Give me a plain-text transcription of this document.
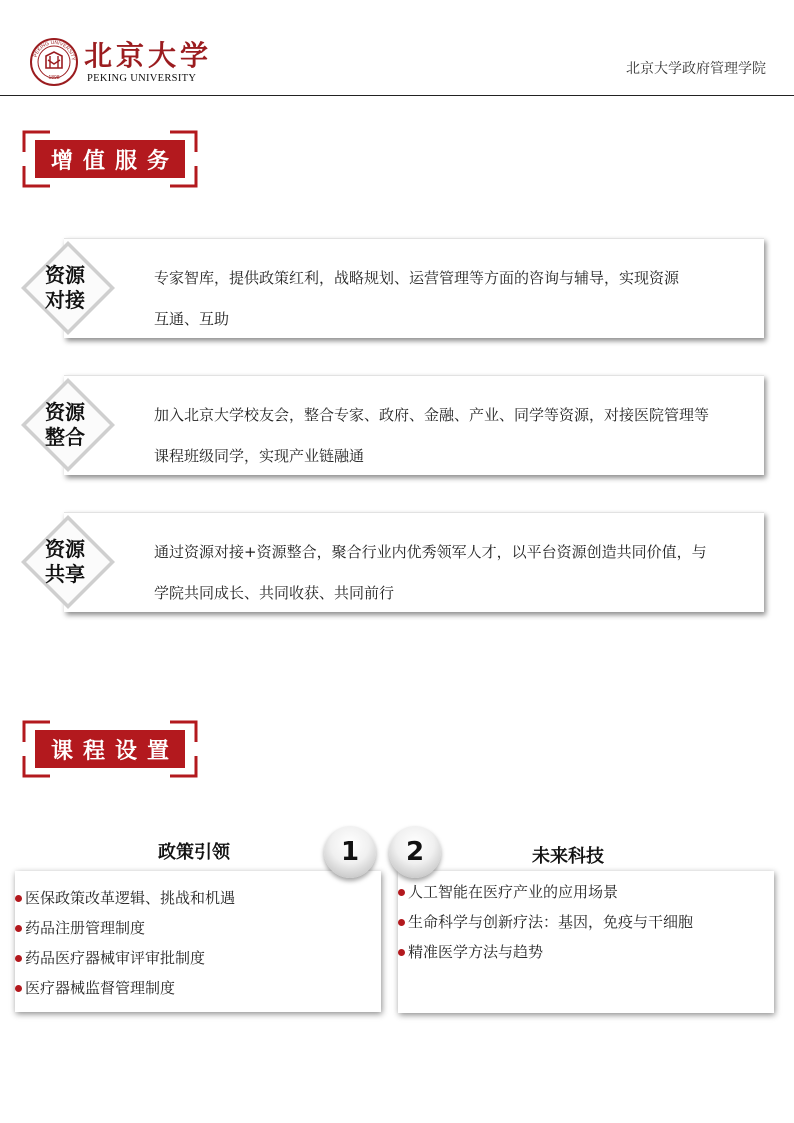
PEKING UNIVERSITY
1898
北京大学
PEKING UNIVERSITY
北京大学政府管理学院
增值服务
资源
对接
专家智库，提供政策红利，战略规划、运营管理等方面的咨询与辅导，实现资源
互通、互助
资源
整合
加入北京大学校友会，整合专家、政府、金融、产业、同学等资源，对接医院管理等
课程班级同学，实现产业链融通
资源
共享
通过资源对接+资源整合，聚合行业内优秀领军人才，以平台资源创造共同价值，与
学院共同成长、共同收获、共同前行
课程设置
政策引领	未来科技
医保政策改革逻辑、挑战和机遇
药品注册管理制度
药品医疗器械审评审批制度
医疗器械监督管理制度
人工智能在医疗产业的应用场景
生命科学与创新疗法：基因，免疫与干细胞
精准医学方法与趋势
1 2
